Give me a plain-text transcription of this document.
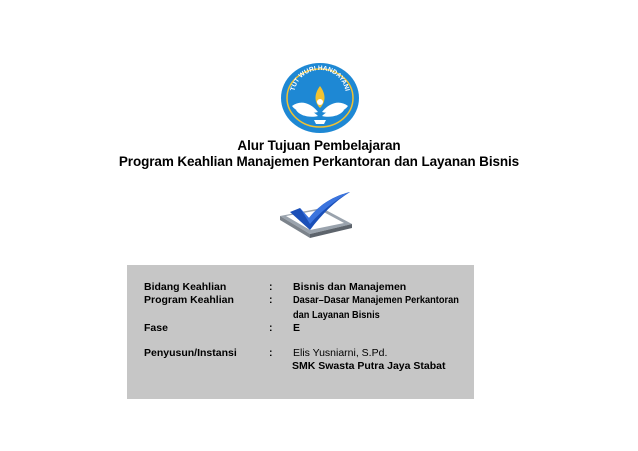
TUT WURI HANDAYANI
Alur Tujuan Pembelajaran
Program Keahlian Manajemen Perkantoran dan Layanan Bisnis
Bidang Keahlian	: Bisnis dan Manajemen
Program Keahlian	: Dasar–Dasar Manajemen Perkantoran
dan Layanan Bisnis
Fase	: E
Penyusun/Instansi	: Elis Yusniarni, S.Pd.
SMK Swasta Putra Jaya Stabat
